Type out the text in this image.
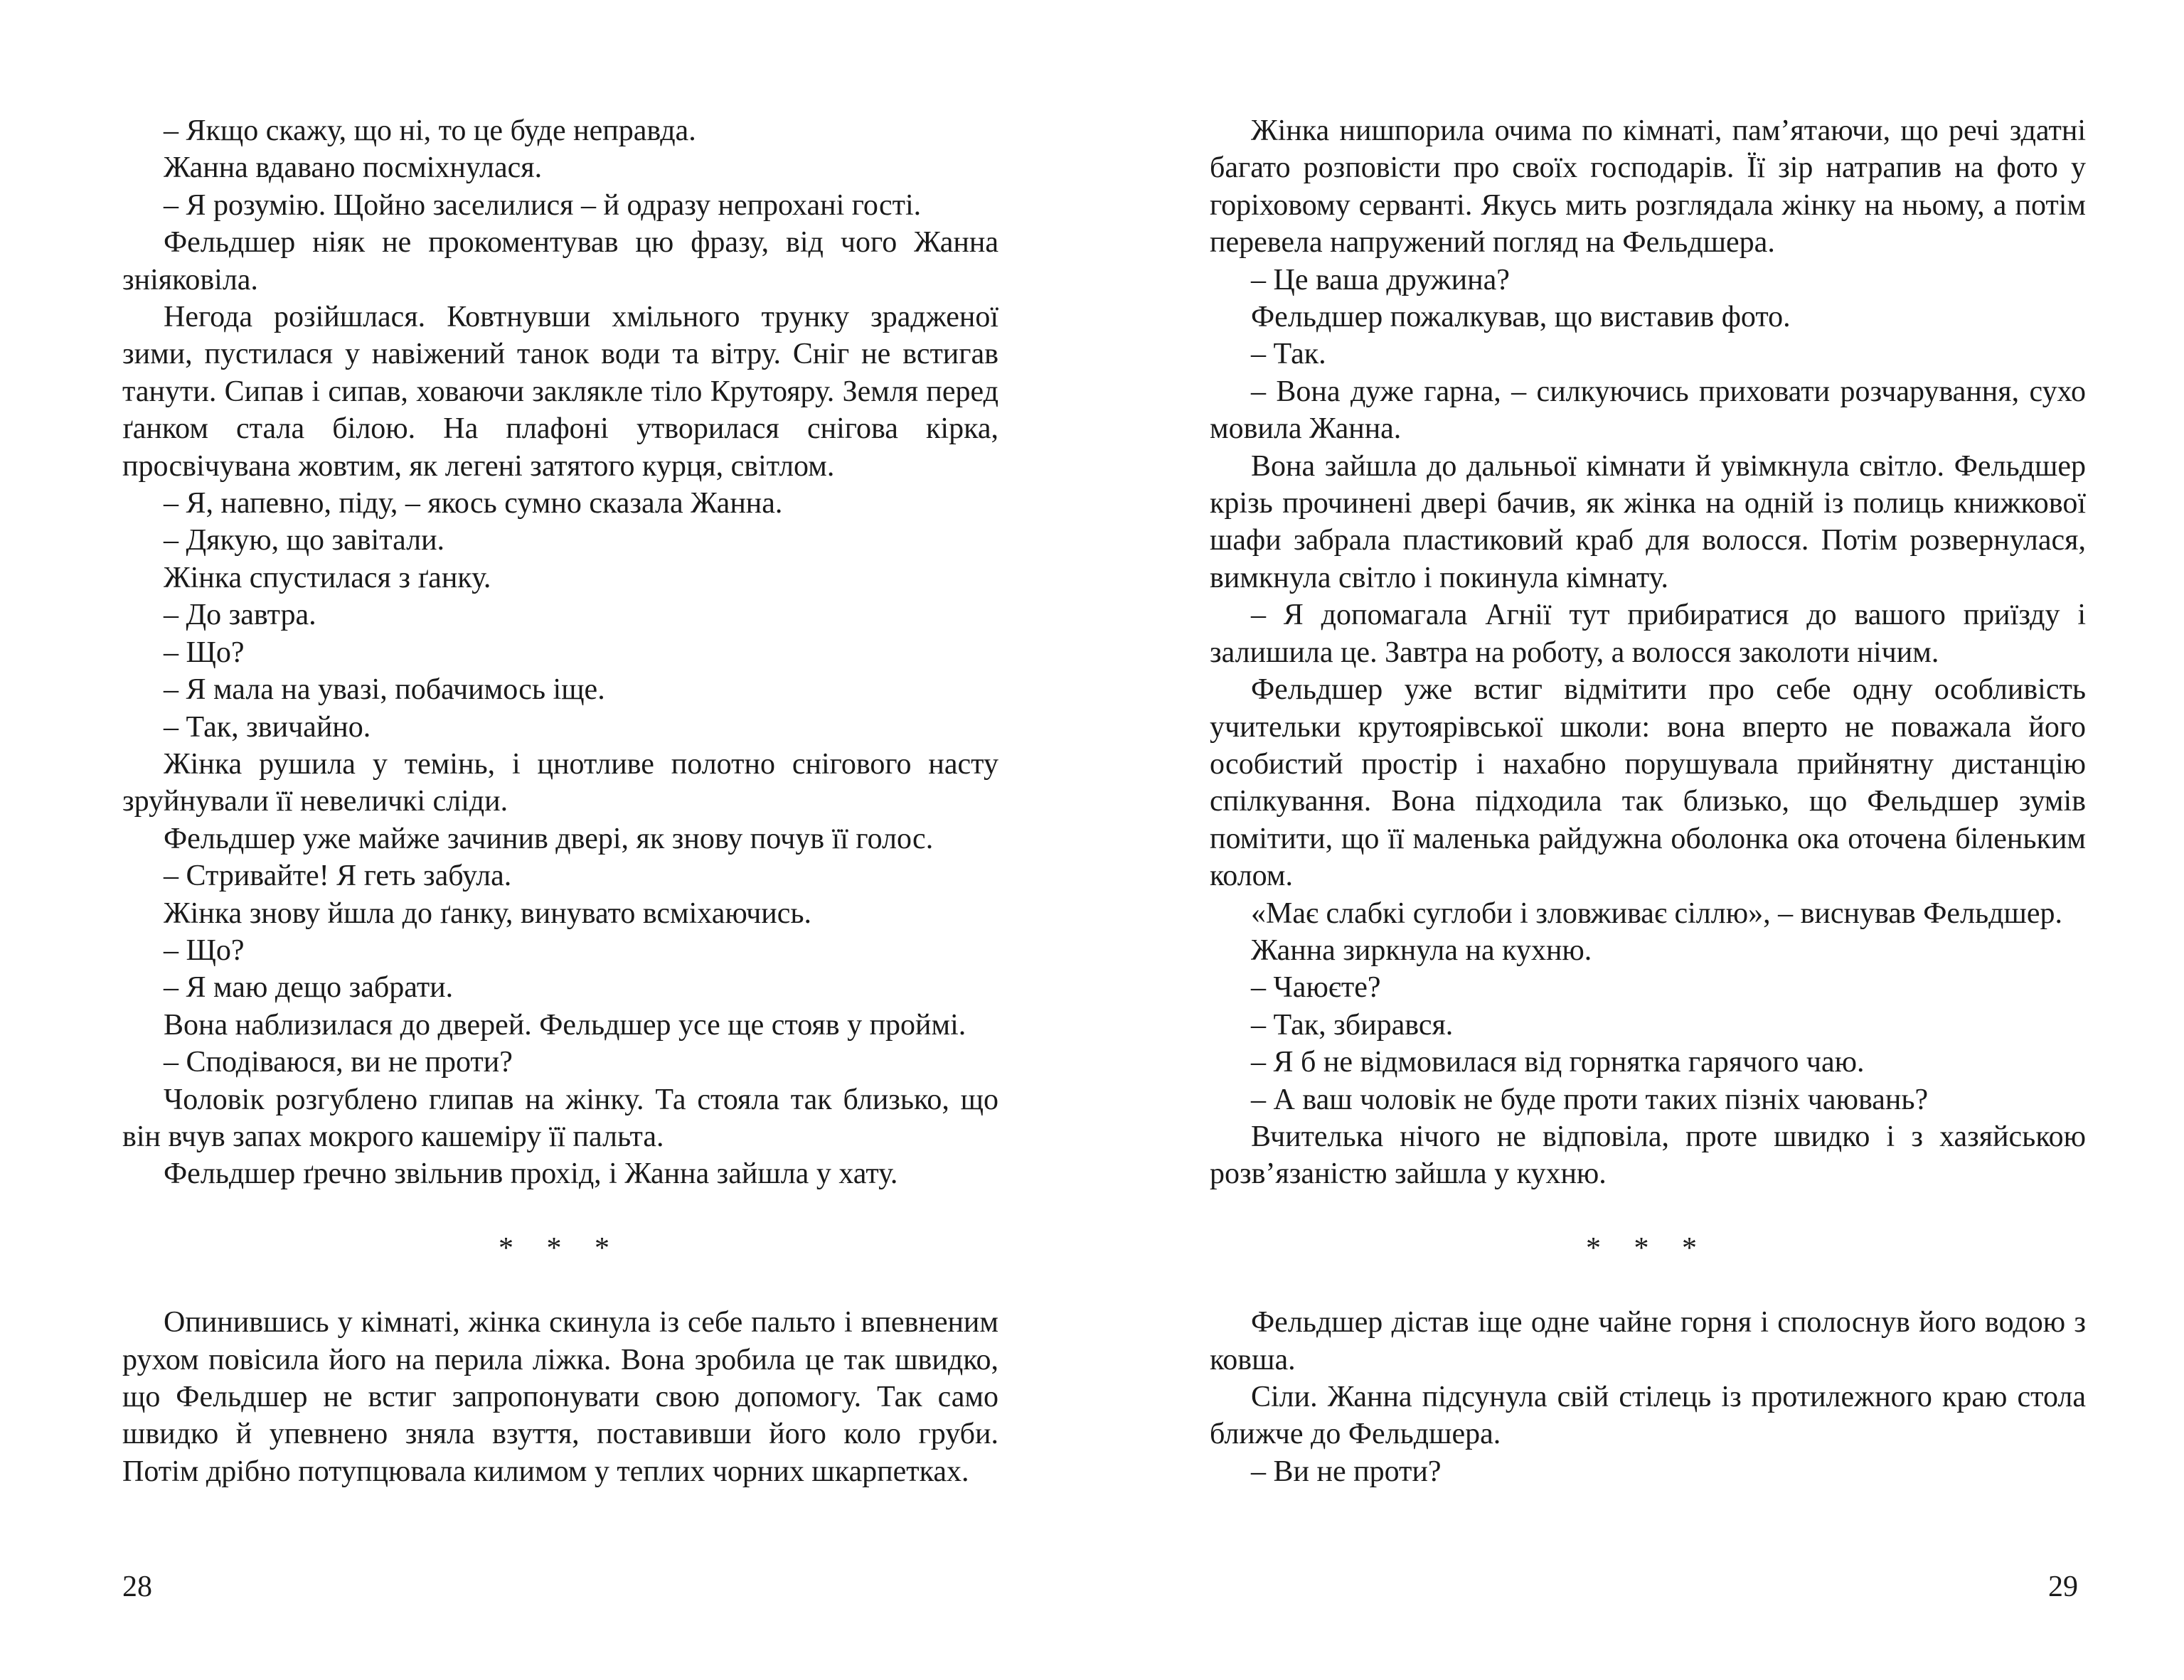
– Якщо скажу, що ні, то це буде неправда.

Жанна вдавано посміхнулася.

– Я розумію. Щойно заселилися – й одразу непрохані гості.

Фельдшер ніяк не прокоментував цю фразу, від чого Жанна зніяковіла.

Негода розійшлася. Ковтнувши хмільного трунку зрадженої зими, пустилася у навіжений танок води та вітру. Сніг не встигав танути. Сипав і сипав, ховаючи заклякле тіло Крутояру. Земля перед ґанком стала білою. На плафоні утворилася снігова кірка, просвічувана жовтим, як легені затятого курця, світлом.

– Я, напевно, піду, – якось сумно сказала Жанна.

– Дякую, що завітали.

Жінка спустилася з ґанку.

– До завтра.

– Що?

– Я мала на увазі, побачимось іще.

– Так, звичайно.

Жінка рушила у темінь, і цнотливе полотно снігового насту зруйнували її невеличкі сліди.

Фельдшер уже майже зачинив двері, як знову почув її голос.

– Стривайте! Я геть забула.

Жінка знову йшла до ґанку, винувато всміхаючись.

– Що?

– Я маю дещо забрати.

Вона наблизилася до дверей. Фельдшер усе ще стояв у проймі.

– Сподіваюся, ви не проти?

Чоловік розгублено глипав на жінку. Та стояла так близько, що він вчув запах мокрого кашеміру її пальта.

Фельдшер ґречно звільнив прохід, і Жанна зайшла у хату.

* * *

Опинившись у кімнаті, жінка скинула із себе пальто і впевненим рухом повісила його на перила ліжка. Вона зробила це так швидко, що Фельдшер не встиг запропонувати свою допомогу. Так само швидко й упевнено зняла взуття, поставивши його коло груби. Потім дрібно потупцювала килимом у теплих чорних шкарпетках.

28

Жінка нишпорила очима по кімнаті, пам’ятаючи, що речі здатні багато розповісти про своїх господарів. Її зір натрапив на фото у горіховому серванті. Якусь мить розглядала жінку на ньому, а потім перевела напружений погляд на Фельдшера.

– Це ваша дружина?

Фельдшер пожалкував, що виставив фото.

– Так.

– Вона дуже гарна, – силкуючись приховати розчарування, сухо мовила Жанна.

Вона зайшла до дальньої кімнати й увімкнула світло. Фельдшер крізь прочинені двері бачив, як жінка на одній із полиць книжкової шафи забрала пластиковий краб для волосся. Потім розвернулася, вимкнула світло і покинула кімнату.

– Я допомагала Агнії тут прибиратися до вашого приїзду і залишила це. Завтра на роботу, а волосся заколоти нічим.

Фельдшер уже встиг відмітити про себе одну особливість учительки крутоярівської школи: вона вперто не поважала його особистий простір і нахабно порушувала прийнятну дистанцію спілкування. Вона підходила так близько, що Фельдшер зумів помітити, що її маленька райдужна оболонка ока оточена біленьким колом.

«Має слабкі суглоби і зловживає сіллю», – виснував Фельдшер.

Жанна зиркнула на кухню.

– Чаюєте?

– Так, збирався.

– Я б не відмовилася від горнятка гарячого чаю.

– А ваш чоловік не буде проти таких пізніх чаювань?

Вчителька нічого не відповіла, проте швидко і з хазяйською розв’язаністю зайшла у кухню.

* * *

Фельдшер дістав іще одне чайне горня і сполоснув його водою з ковша.

Сіли. Жанна підсунула свій стілець із протилежного краю стола ближче до Фельдшера.

– Ви не проти?

29
